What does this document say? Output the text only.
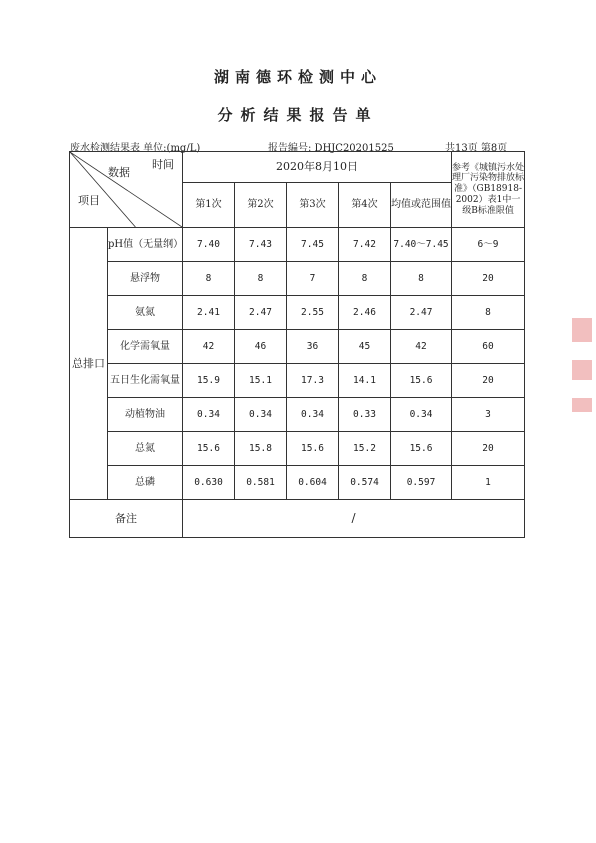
湖南德环检测中心
分析结果报告单
废水检测结果表 单位:(mg/L)	报告编号: DHJC20201525	共13页 第8页
时间
数据
项目		2020年8月10日					参考《城镇污水处理厂污染物排放标准》（GB18918-2002）表1中一级B标准限值
		第1次	第2次	第3次	第4次	均值或范围值	
总排口	pH值（无量纲）	7.40	7.43	7.45	7.42	7.40～7.45	6～9
	悬浮物	8	8	7	8	8	20
	氨氮	2.41	2.47	2.55	2.46	2.47	8
	化学需氧量	42	46	36	45	42	60
	五日生化需氧量	15.9	15.1	17.3	14.1	15.6	20
	动植物油	0.34	0.34	0.34	0.33	0.34	3
	总氮	15.6	15.8	15.6	15.2	15.6	20
	总磷	0.630	0.581	0.604	0.574	0.597	1
备注		/					
